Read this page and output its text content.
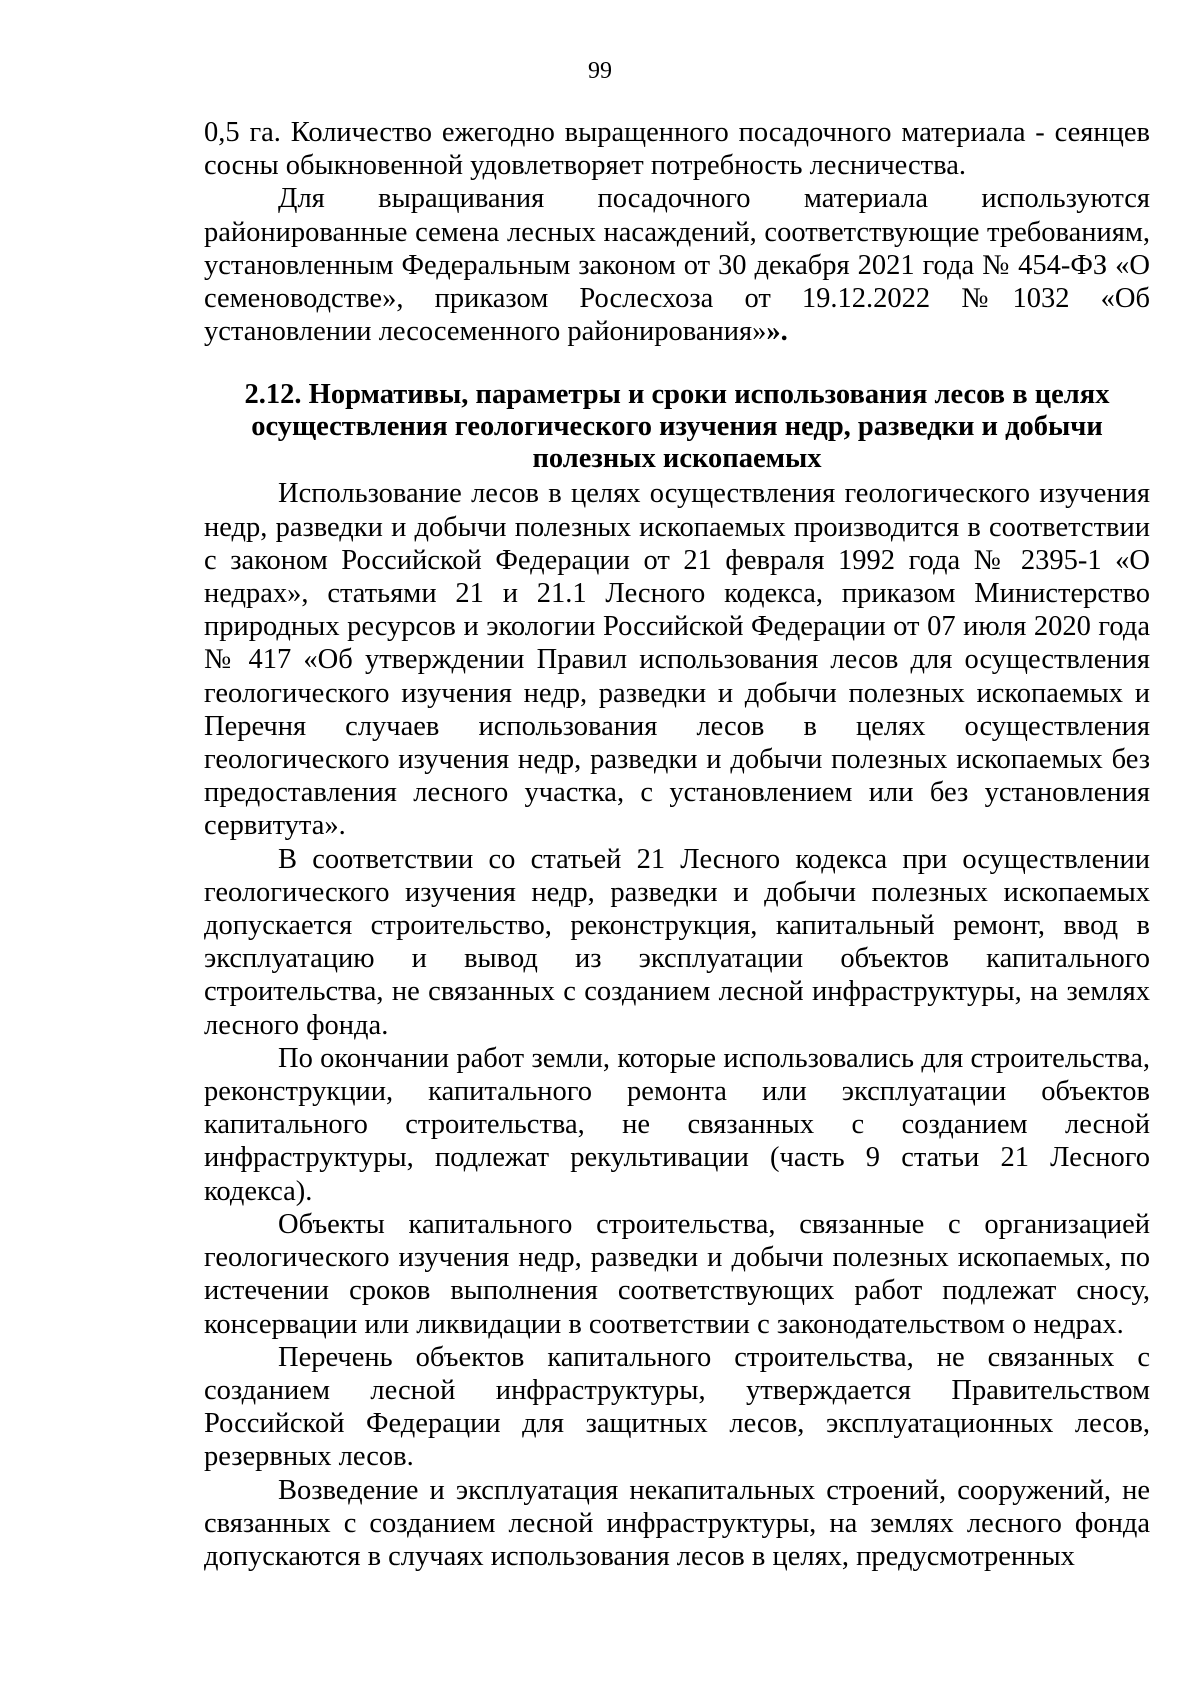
99

0,5 га. Количество ежегодно выращенного посадочного материала - сеянцев сосны обыкновенной удовлетворяет потребность лесничества.

Для выращивания посадочного материала используются районированные семена лесных насаждений, соответствующие требованиям, установленным Федеральным законом от 30 декабря 2021 года № 454-ФЗ «О семеноводстве», приказом Рослесхоза от 19.12.2022 №1032 «Об установлении лесосеменного районирования»».

2.12. Нормативы, параметры и сроки использования лесов в целях осуществления геологического изучения недр, разведки и добычи полезных ископаемых

Использование лесов в целях осуществления геологического изучения недр, разведки и добычи полезных ископаемых производится в соответствии с законом Российской Федерации от 21 февраля 1992 года № 2395-1 «О недрах», статьями 21 и 21.1 Лесного кодекса, приказом Министерство природных ресурсов и экологии Российской Федерации от 07 июля 2020 года № 417 «Об утверждении Правил использования лесов для осуществления геологического изучения недр, разведки и добычи полезных ископаемых и Перечня случаев использования лесов в целях осуществления геологического изучения недр, разведки и добычи полезных ископаемых без предоставления лесного участка, с установлением или без установления сервитута».

В соответствии со статьей 21 Лесного кодекса при осуществлении геологического изучения недр, разведки и добычи полезных ископаемых допускается строительство, реконструкция, капитальный ремонт, ввод в эксплуатацию и вывод из эксплуатации объектов капитального строительства, не связанных с созданием лесной инфраструктуры, на землях лесного фонда.

По окончании работ земли, которые использовались для строительства, реконструкции, капитального ремонта или эксплуатации объектов капитального строительства, не связанных с созданием лесной инфраструктуры, подлежат рекультивации (часть 9 статьи 21 Лесного кодекса).

Объекты капитального строительства, связанные с организацией геологического изучения недр, разведки и добычи полезных ископаемых, по истечении сроков выполнения соответствующих работ подлежат сносу, консервации или ликвидации в соответствии с законодательством о недрах.

Перечень объектов капитального строительства, не связанных с созданием лесной инфраструктуры, утверждается Правительством Российской Федерации для защитных лесов, эксплуатационных лесов, резервных лесов.

Возведение и эксплуатация некапитальных строений, сооружений, не связанных с созданием лесной инфраструктуры, на землях лесного фонда допускаются в случаях использования лесов в целях, предусмотренных
